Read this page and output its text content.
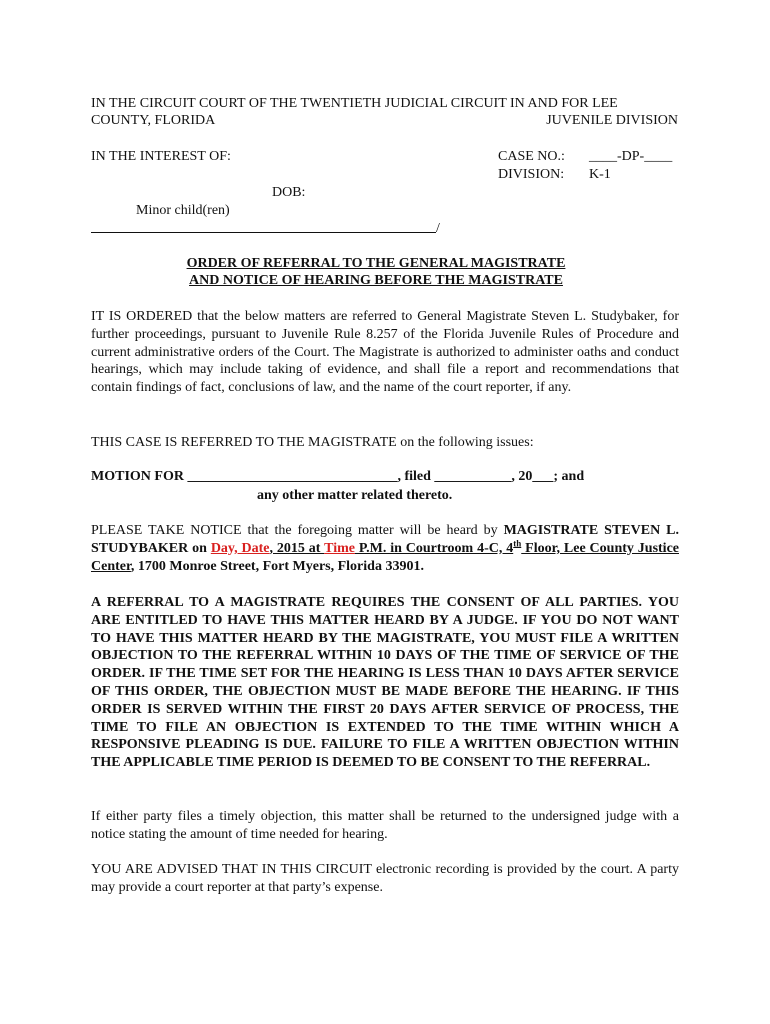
IN THE CIRCUIT COURT OF THE TWENTIETH JUDICIAL CIRCUIT IN AND FOR LEE
COUNTY, FLORIDA	JUVENILE DIVISION
IN THE INTEREST OF:	CASE NO.: ____-DP-____
DIVISION: K-1
DOB:
Minor child(ren)
/
ORDER OF REFERRAL TO THE GENERAL MAGISTRATE
AND NOTICE OF HEARING BEFORE THE MAGISTRATE
IT IS ORDERED that the below matters are referred to General Magistrate Steven L. Studybaker, for further proceedings, pursuant to Juvenile Rule 8.257 of the Florida Juvenile Rules of Procedure and current administrative orders of the Court. The Magistrate is authorized to administer oaths and conduct hearings, which may include taking of evidence, and shall file a report and recommendations that contain findings of fact, conclusions of law, and the name of the court reporter, if any.
THIS CASE IS REFERRED TO THE MAGISTRATE on the following issues:
MOTION FOR ______________________________, filed ___________, 20___; and
any other matter related thereto.
PLEASE TAKE NOTICE that the foregoing matter will be heard by MAGISTRATE STEVEN L. STUDYBAKER on Day, Date, 2015 at Time P.M. in Courtroom 4-C, 4th Floor, Lee County Justice Center, 1700 Monroe Street, Fort Myers, Florida 33901.
A REFERRAL TO A MAGISTRATE REQUIRES THE CONSENT OF ALL PARTIES. YOU ARE ENTITLED TO HAVE THIS MATTER HEARD BY A JUDGE. IF YOU DO NOT WANT TO HAVE THIS MATTER HEARD BY THE MAGISTRATE, YOU MUST FILE A WRITTEN OBJECTION TO THE REFERRAL WITHIN 10 DAYS OF THE TIME OF SERVICE OF THE ORDER. IF THE TIME SET FOR THE HEARING IS LESS THAN 10 DAYS AFTER SERVICE OF THIS ORDER, THE OBJECTION MUST BE MADE BEFORE THE HEARING. IF THIS ORDER IS SERVED WITHIN THE FIRST 20 DAYS AFTER SERVICE OF PROCESS, THE TIME TO FILE AN OBJECTION IS EXTENDED TO THE TIME WITHIN WHICH A RESPONSIVE PLEADING IS DUE. FAILURE TO FILE A WRITTEN OBJECTION WITHIN THE APPLICABLE TIME PERIOD IS DEEMED TO BE CONSENT TO THE REFERRAL.
If either party files a timely objection, this matter shall be returned to the undersigned judge with a notice stating the amount of time needed for hearing.
YOU ARE ADVISED THAT IN THIS CIRCUIT electronic recording is provided by the court. A party may provide a court reporter at that party’s expense.
